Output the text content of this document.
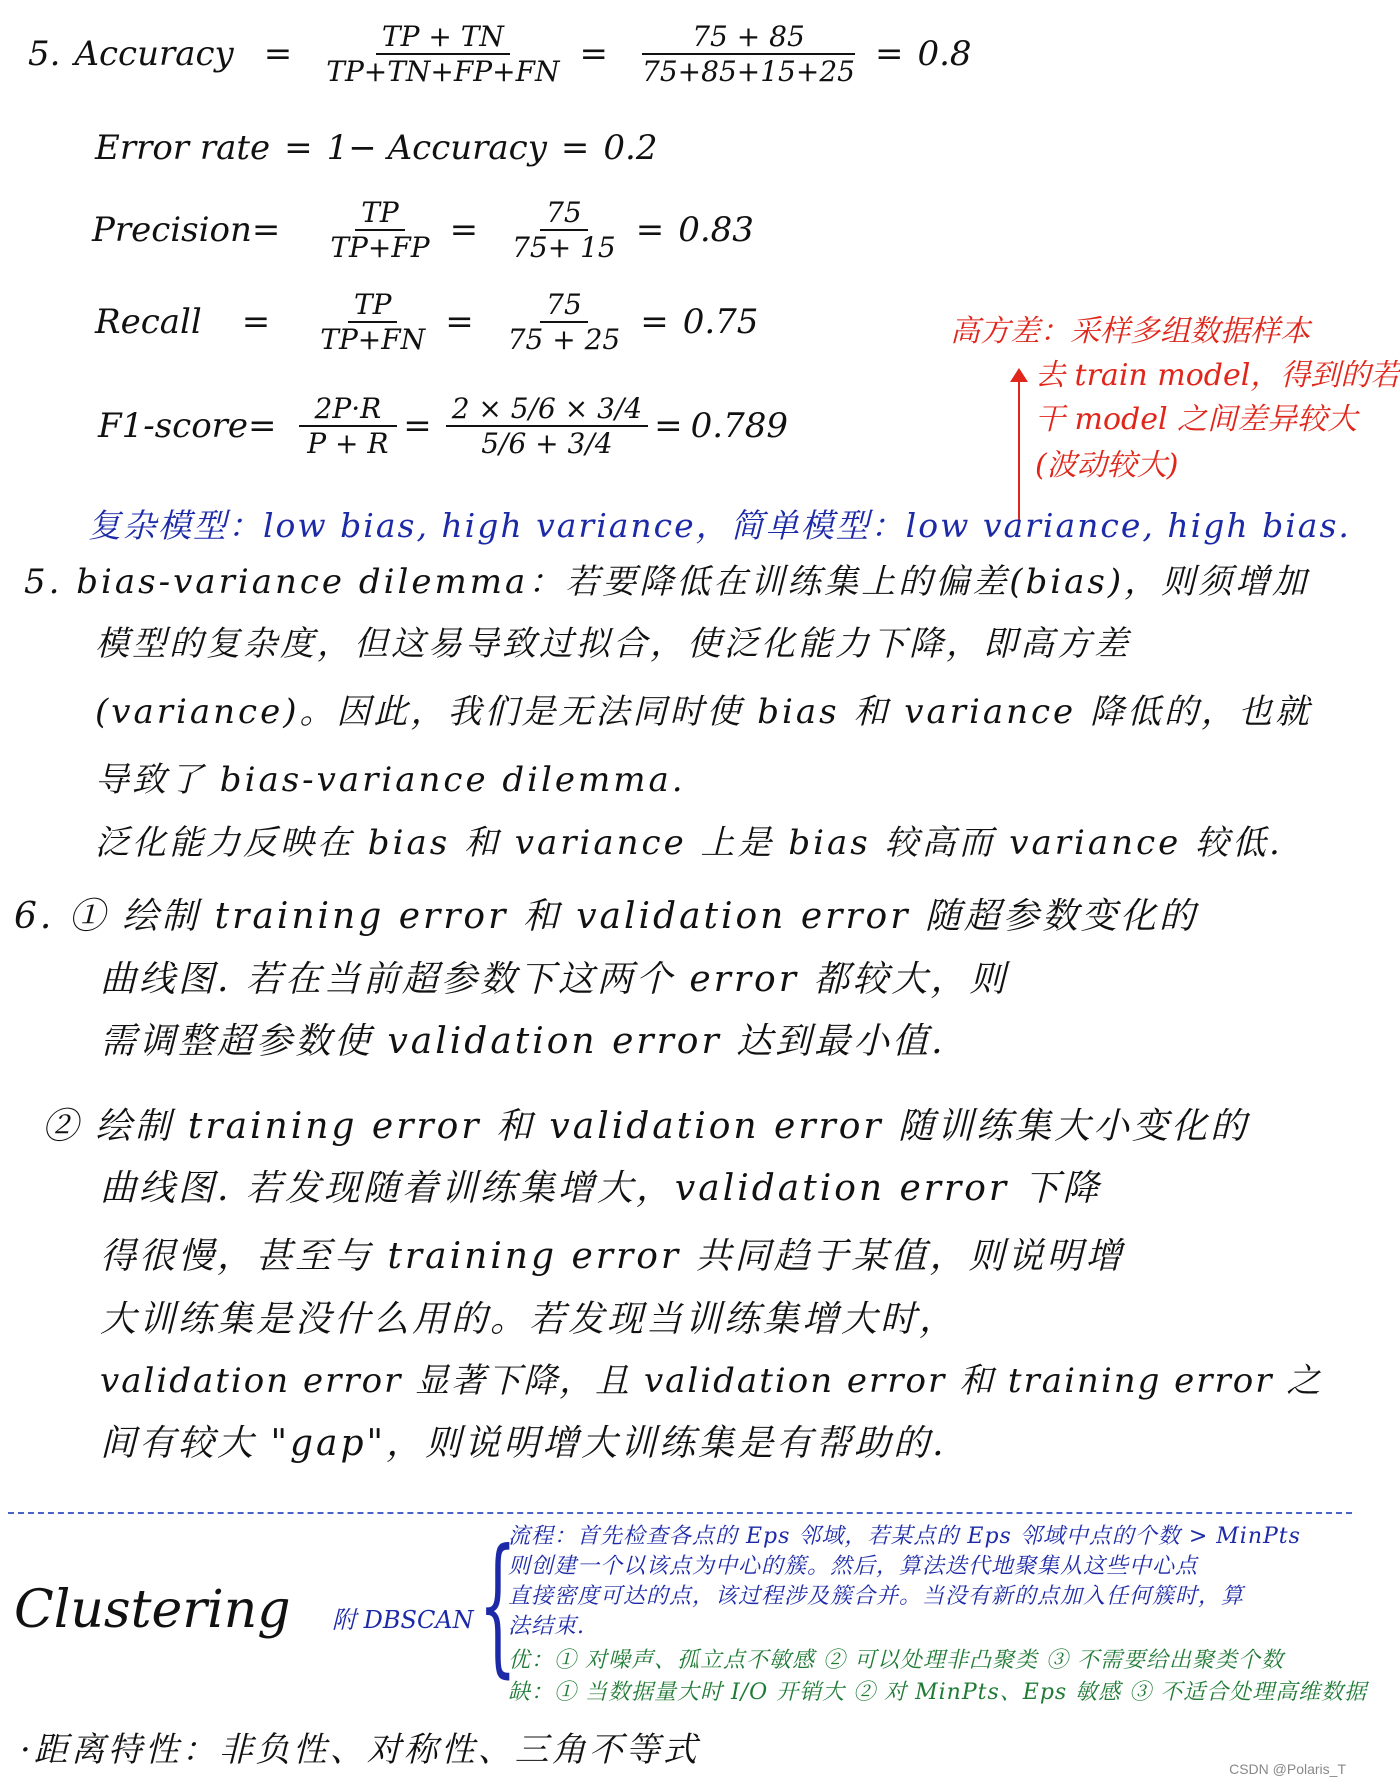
5. Accuracy = $\frac{TP + TN}{TP+TN+FP+FN} = \frac{75 + 85}{75+85+15+25} = 0.8$
Error rate = 1− Accuracy = 0.2
Precision = $\frac{TP}{TP+FP} = \frac{75}{75+ 15} = 0.83$
Recall = $\frac{TP}{TP+FN} = \frac{75}{75 + 25} = 0.75$
F1-score = $\frac{2P\cdot R}{P + R} = \frac{2 \times 5/6 \times 3/4}{5/6 + 3/4} = 0.789$
高方差：采样多组数据样本
去 train model，得到的若
干 model 之间差异较大
(波动较大)
复杂模型：low bias, high variance，简单模型：low variance, high bias.
5. bias-variance dilemma：若要降低在训练集上的偏差(bias)，则须增加
模型的复杂度，但这易导致过拟合，使泛化能力下降，即高方差
(variance)。因此，我们是无法同时使 bias 和 variance 降低的，也就
导致了 bias-variance dilemma.
泛化能力反映在 bias 和 variance 上是 bias 较高而 variance 较低.
6. ① 绘制 training error 和 validation error 随超参数变化的
曲线图. 若在当前超参数下这两个 error 都较大，则
需调整超参数使 validation error 达到最小值.
② 绘制 training error 和 validation error 随训练集大小变化的
曲线图. 若发现随着训练集增大，validation error 下降
得很慢，甚至与 training error 共同趋于某值，则说明增
大训练集是没什么用的。若发现当训练集增大时，
validation error 显著下降，且 validation error 和 training error 之
间有较大 "gap"，则说明增大训练集是有帮助的.
Clustering 附 DBSCAN {
流程：首先检查各点的 Eps 邻域，若某点的 Eps 邻域中点的个数 > MinPts
则创建一个以该点为中心的簇。然后，算法迭代地聚集从这些中心点
直接密度可达的点，该过程涉及簇合并。当没有新的点加入任何簇时，算
法结束.
优：① 对噪声、孤立点不敏感 ② 可以处理非凸聚类 ③ 不需要给出聚类个数
缺：① 当数据量大时 I/O 开销大 ② 对 MinPts、Eps 敏感 ③ 不适合处理高维数据
·距离特性：非负性、对称性、三角不等式	CSDN @Polaris_T
